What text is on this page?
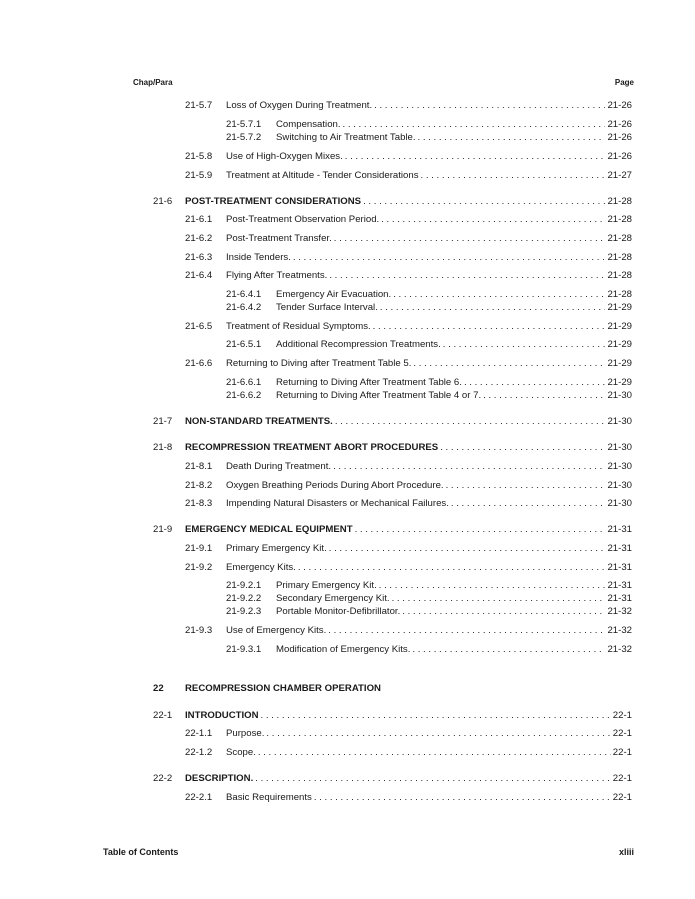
Chap/Para	Page
21-5.7	Loss of Oxygen During Treatment. . . .	21-26
21-5.7.1	Compensation. . . .	21-26
21-5.7.2	Switching to Air Treatment Table. . . .	21-26
21-5.8	Use of High-Oxygen Mixes. . . .	21-26
21-5.9	Treatment at Altitude - Tender Considerations . . .	21-27
21-6	POST-TREATMENT CONSIDERATIONS . . .	21-28
21-6.1	Post-Treatment Observation Period. . . .	21-28
21-6.2	Post-Treatment Transfer. . . .	21-28
21-6.3	Inside Tenders. . . .	21-28
21-6.4	Flying After Treatments. . . .	21-28
21-6.4.1	Emergency Air Evacuation. . . .	21-28
21-6.4.2	Tender Surface Interval. . . .	21-29
21-6.5	Treatment of Residual Symptoms. . . .	21-29
21-6.5.1	Additional Recompression Treatments. . . .	21-29
21-6.6	Returning to Diving after Treatment Table 5. . . .	21-29
21-6.6.1	Returning to Diving After Treatment Table 6. . . .	21-29
21-6.6.2	Returning to Diving After Treatment Table 4 or 7. . . .	21-30
21-7	NON-STANDARD TREATMENTS. . . .	21-30
21-8	RECOMPRESSION TREATMENT ABORT PROCEDURES . . .	21-30
21-8.1	Death During Treatment. . . .	21-30
21-8.2	Oxygen Breathing Periods During Abort Procedure. . . .	21-30
21-8.3	Impending Natural Disasters or Mechanical Failures. . . .	21-30
21-9	EMERGENCY MEDICAL EQUIPMENT . . .	21-31
21-9.1	Primary Emergency Kit. . . .	21-31
21-9.2	Emergency Kits. . . .	21-31
21-9.2.1	Primary Emergency Kit. . . .	21-31
21-9.2.2	Secondary Emergency Kit. . . .	21-31
21-9.2.3	Portable Monitor-Defibrillator. . . .	21-32
21-9.3	Use of Emergency Kits. . . .	21-32
21-9.3.1	Modification of Emergency Kits. . . .	21-32
22	RECOMPRESSION CHAMBER OPERATION
22-1	INTRODUCTION . . .	22-1
22-1.1	Purpose. . . .	22-1
22-1.2	Scope. . . .	22-1
22-2	DESCRIPTION. . . .	22-1
22-2.1	Basic Requirements . . .	22-1
Table of Contents	xliii
